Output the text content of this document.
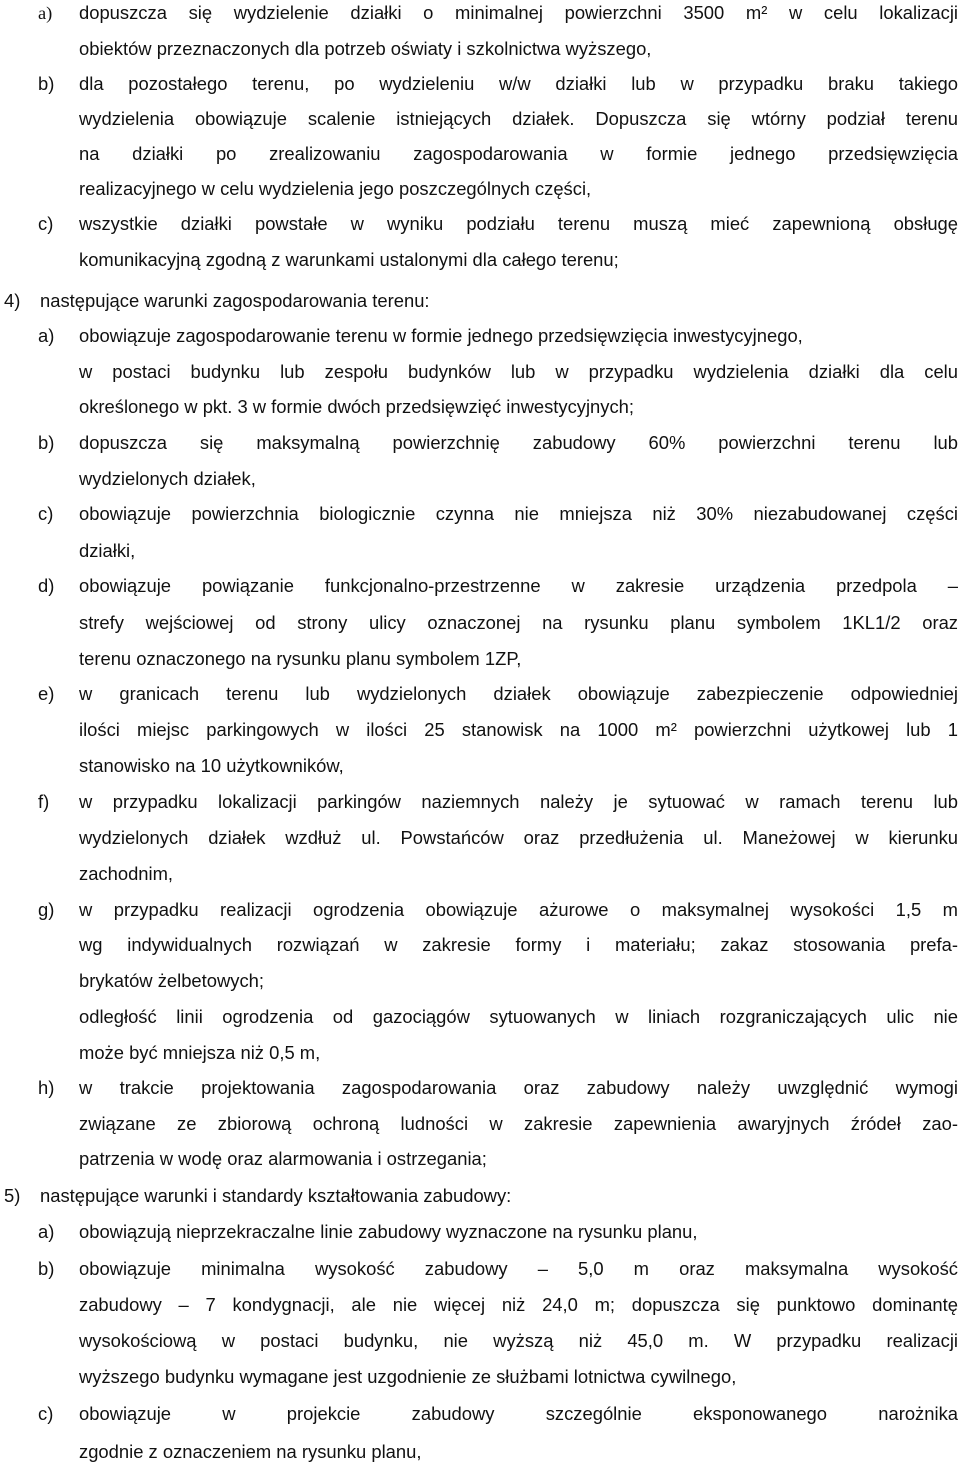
a) dopuszcza się wydzielenie działki o minimalnej powierzchni 3500 m² w celu lokalizacji
obiektów przeznaczonych dla potrzeb oświaty i szkolnictwa wyższego,
b) dla pozostałego terenu, po wydzieleniu w/w działki lub w przypadku braku takiego
wydzielenia obowiązuje scalenie istniejących działek. Dopuszcza się wtórny podział terenu
na działki po zrealizowaniu zagospodarowania w formie jednego przedsięwzięcia
realizacyjnego w celu wydzielenia jego poszczególnych części,
c) wszystkie działki powstałe w wyniku podziału terenu muszą mieć zapewnioną obsługę
komunikacyjną zgodną z warunkami ustalonymi dla całego terenu;
4) następujące warunki zagospodarowania terenu:
a) obowiązuje zagospodarowanie terenu w formie jednego przedsięwzięcia inwestycyjnego,
w postaci budynku lub zespołu budynków lub w przypadku wydzielenia działki dla celu
określonego w pkt. 3 w formie dwóch przedsięwzięć inwestycyjnych;
b) dopuszcza się maksymalną powierzchnię zabudowy 60% powierzchni terenu lub
wydzielonych działek,
c) obowiązuje powierzchnia biologicznie czynna nie mniejsza niż 30% niezabudowanej części
działki,
d) obowiązuje powiązanie funkcjonalno-przestrzenne w zakresie urządzenia przedpola –
strefy wejściowej od strony ulicy oznaczonej na rysunku planu symbolem 1KL1/2 oraz
terenu oznaczonego na rysunku planu symbolem 1ZP,
e) w granicach terenu lub wydzielonych działek obowiązuje zabezpieczenie odpowiedniej
ilości miejsc parkingowych w ilości 25 stanowisk na 1000 m² powierzchni użytkowej lub 1
stanowisko na 10 użytkowników,
f) w przypadku lokalizacji parkingów naziemnych należy je sytuować w ramach terenu lub
wydzielonych działek wzdłuż ul. Powstańców oraz przedłużenia ul. Maneżowej w kierunku
zachodnim,
g) w przypadku realizacji ogrodzenia obowiązuje ażurowe o maksymalnej wysokości 1,5 m
wg indywidualnych rozwiązań w zakresie formy i materiału; zakaz stosowania prefa-
brykatów żelbetowych;
odległość linii ogrodzenia od gazociągów sytuowanych w liniach rozgraniczających ulic nie
może być mniejsza niż 0,5 m,
h) w trakcie projektowania zagospodarowania oraz zabudowy należy uwzględnić wymogi
związane ze zbiorową ochroną ludności w zakresie zapewnienia awaryjnych źródeł zao-
patrzenia w wodę oraz alarmowania i ostrzegania;
5) następujące warunki i standardy kształtowania zabudowy:
a) obowiązują nieprzekraczalne linie zabudowy wyznaczone na rysunku planu,
b) obowiązuje minimalna wysokość zabudowy – 5,0 m oraz maksymalna wysokość
zabudowy – 7 kondygnacji, ale nie więcej niż 24,0 m; dopuszcza się punktowo dominantę
wysokościową w postaci budynku, nie wyższą niż 45,0 m. W przypadku realizacji
wyższego budynku wymagane jest uzgodnienie ze służbami lotnictwa cywilnego,
c) obowiązuje w projekcie zabudowy szczególnie eksponowanego narożnika
zgodnie z oznaczeniem na rysunku planu,
